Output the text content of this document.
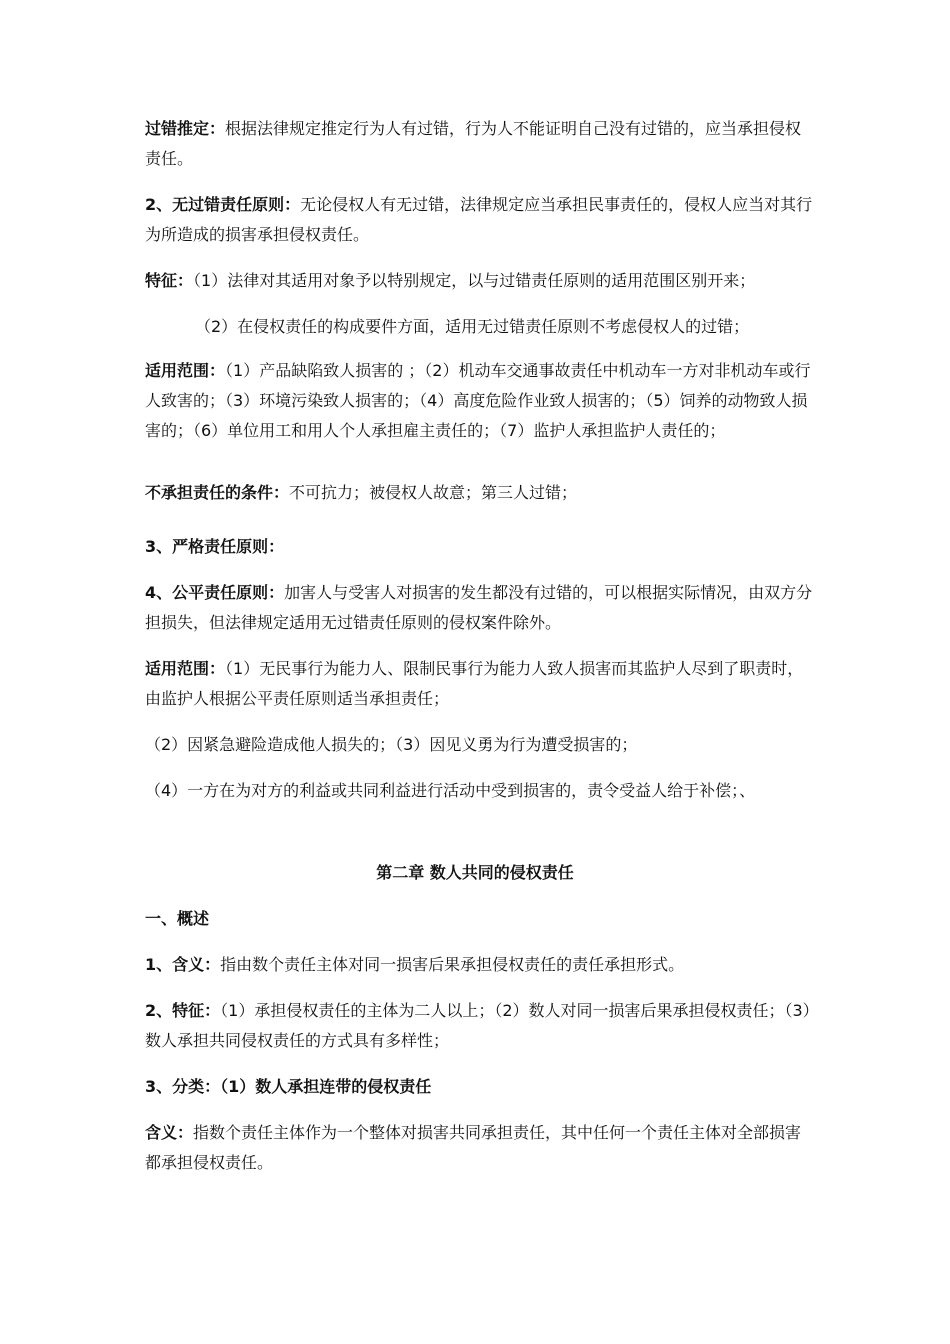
过错推定：根据法律规定推定行为人有过错，行为人不能证明自己没有过错的，应当承担侵权责任。

2、无过错责任原则：无论侵权人有无过错，法律规定应当承担民事责任的，侵权人应当对其行为所造成的损害承担侵权责任。

特征：（1）法律对其适用对象予以特别规定，以与过错责任原则的适用范围区别开来；

（2）在侵权责任的构成要件方面，适用无过错责任原则不考虑侵权人的过错；

适用范围：（1）产品缺陷致人损害的 ；（2）机动车交通事故责任中机动车一方对非机动车或行人致害的；（3）环境污染致人损害的；（4）高度危险作业致人损害的；（5）饲养的动物致人损害的；（6）单位用工和用人个人承担雇主责任的；（7）监护人承担监护人责任的；

不承担责任的条件：不可抗力；被侵权人故意；第三人过错；

3、严格责任原则：

4、公平责任原则：加害人与受害人对损害的发生都没有过错的，可以根据实际情况，由双方分担损失，但法律规定适用无过错责任原则的侵权案件除外。

适用范围：（1）无民事行为能力人、限制民事行为能力人致人损害而其监护人尽到了职责时，由监护人根据公平责任原则适当承担责任；

（2）因紧急避险造成他人损失的；（3）因见义勇为行为遭受损害的；

（4）一方在为对方的利益或共同利益进行活动中受到损害的，责令受益人给于补偿；、

第二章 数人共同的侵权责任

一、概述

1、含义：指由数个责任主体对同一损害后果承担侵权责任的责任承担形式。

2、特征：（1）承担侵权责任的主体为二人以上；（2）数人对同一损害后果承担侵权责任；（3）数人承担共同侵权责任的方式具有多样性；

3、分类：（1）数人承担连带的侵权责任

含义：指数个责任主体作为一个整体对损害共同承担责任，其中任何一个责任主体对全部损害都承担侵权责任。
